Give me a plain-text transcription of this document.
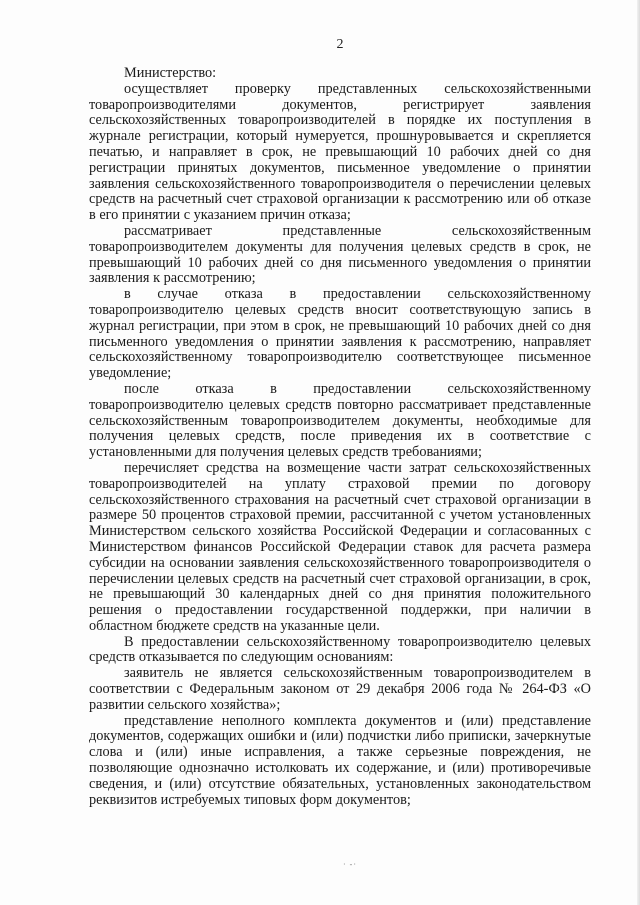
2

Министерство:

осуществляет проверку представленных сельскохозяйственными товаропроизводителями документов, регистрирует заявления сельскохозяйственных товаропроизводителей в порядке их поступления в журнале регистрации, который нумеруется, прошнуровывается и скрепляется печатью, и направляет в срок, не превышающий 10 рабочих дней со дня регистрации принятых документов, письменное уведомление о принятии заявления сельскохозяйственного товаропроизводителя о перечислении целевых средств на расчетный счет страховой организации к рассмотрению или об отказе в его принятии с указанием причин отказа;

рассматривает представленные сельскохозяйственным товаропроизводителем документы для получения целевых средств в срок, не превышающий 10 рабочих дней со дня письменного уведомления о принятии заявления к рассмотрению;

в случае отказа в предоставлении сельскохозяйственному товаропроизводителю целевых средств вносит соответствующую запись в журнал регистрации, при этом в срок, не превышающий 10 рабочих дней со дня письменного уведомления о принятии заявления к рассмотрению, направляет сельскохозяйственному товаропроизводителю соответствующее письменное уведомление;

после отказа в предоставлении сельскохозяйственному товаропроизводителю целевых средств повторно рассматривает представленные сельскохозяйственным товаропроизводителем документы, необходимые для получения целевых средств, после приведения их в соответствие с установленными для получения целевых средств требованиями;

перечисляет средства на возмещение части затрат сельскохозяйственных товаропроизводителей на уплату страховой премии по договору сельскохозяйственного страхования на расчетный счет страховой организации в размере 50 процентов страховой премии, рассчитанной с учетом установленных Министерством сельского хозяйства Российской Федерации и согласованных с Министерством финансов Российской Федерации ставок для расчета размера субсидии на основании заявления сельскохозяйственного товаропроизводителя о перечислении целевых средств на расчетный счет страховой организации, в срок, не превышающий 30 календарных дней со дня принятия положительного решения о предоставлении государственной поддержки, при наличии в областном бюджете средств на указанные цели.

В предоставлении сельскохозяйственному товаропроизводителю целевых средств отказывается по следующим основаниям:

заявитель не является сельскохозяйственным товаропроизводителем в соответствии с Федеральным законом от 29 декабря 2006 года № 264-ФЗ «О развитии сельского хозяйства»;

представление неполного комплекта документов и (или) представление документов, содержащих ошибки и (или) подчистки либо приписки, зачеркнутые слова и (или) иные исправления, а также серьезные повреждения, не позволяющие однозначно истолковать их содержание, и (или) противоречивые сведения, и (или) отсутствие обязательных, установленных законодательством реквизитов истребуемых типовых форм документов;

· -·
